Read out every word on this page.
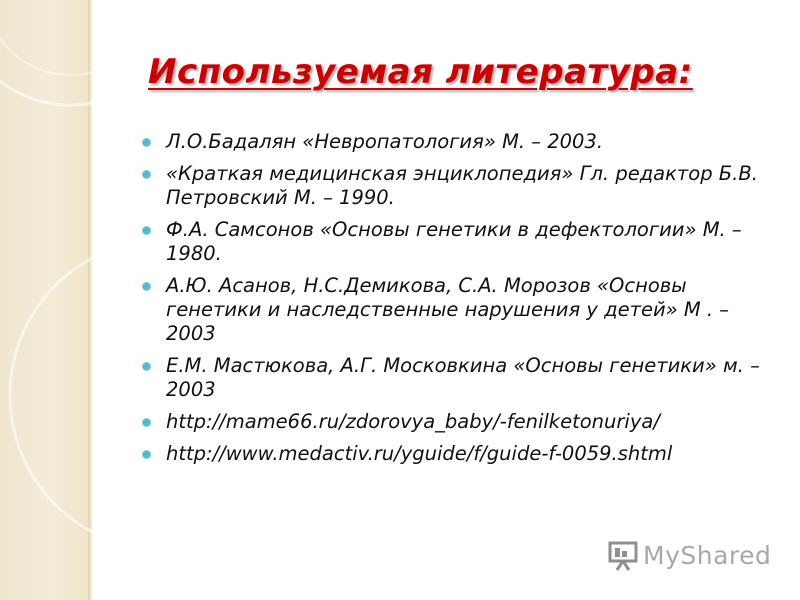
Используемая литература:
Л.О.Бадалян «Невропатология» М. – 2003.
«Краткая медицинская энциклопедия» Гл. редактор Б.В. Петровский М. – 1990.
Ф.А. Самсонов «Основы генетики в дефектологии» М. – 1980.
А.Ю. Асанов, Н.С.Демикова, С.А. Морозов «Основы генетики и наследственные нарушения у детей» М . – 2003
Е.М. Мастюкова, А.Г. Московкина «Основы генетики» м. – 2003
http://mame66.ru/zdorovya_baby/-fenilketonuriya/
http://www.medactiv.ru/yguide/f/guide-f-0059.shtml
MyShared
